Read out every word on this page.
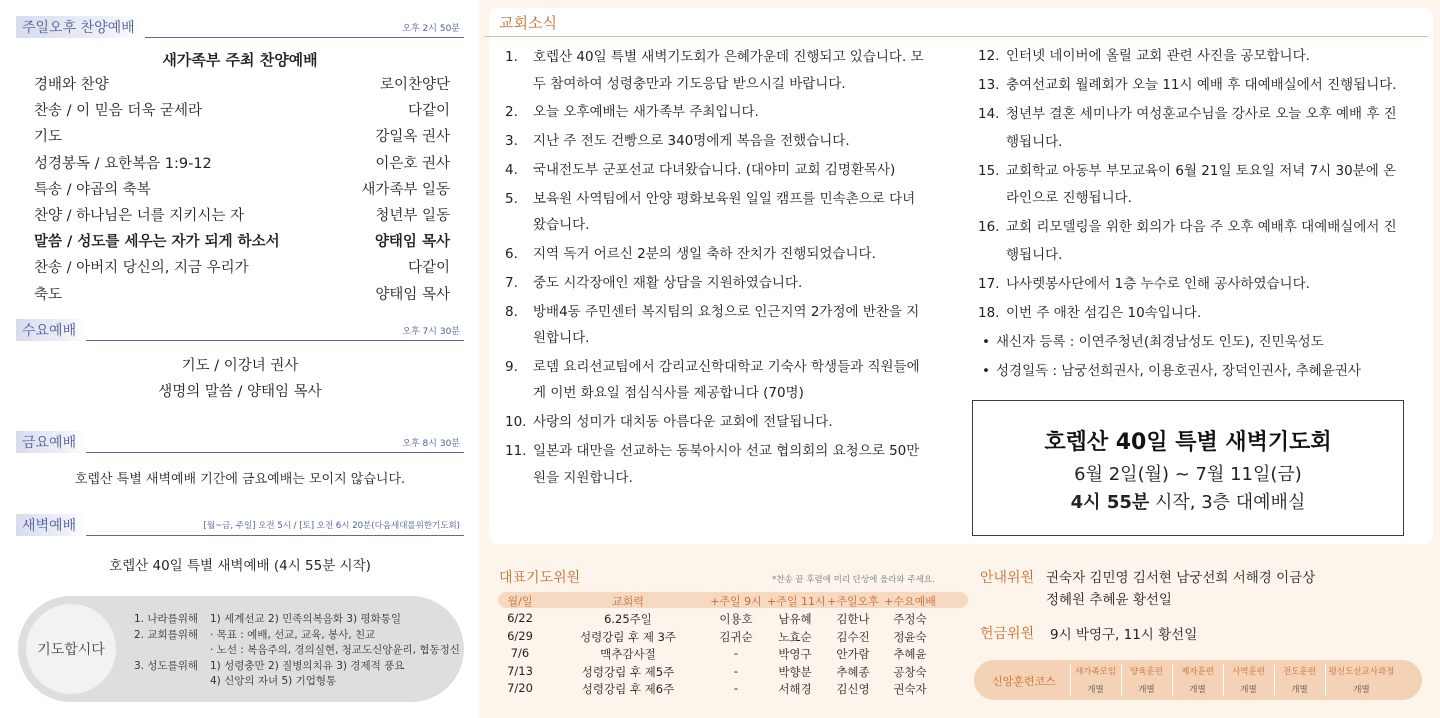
주일오후 찬양예배	오후 2시 50분
새가족부 주최 찬양예배
경배와 찬양	로이찬양단
찬송 / 이 믿음 더욱 굳세라	다같이
기도	강일옥 권사
성경봉독 / 요한복음 1:9-12	이은호 권사
특송 / 야곱의 축복	새가족부 일동
찬양 / 하나님은 너를 지키시는 자	청년부 일동
말씀 / 성도를 세우는 자가 되게 하소서	양태임 목사
찬송 / 아버지 당신의, 지금 우리가	다같이
축도	양태임 목사
수요예배	오후 7시 30분
기도 / 이강녀 권사
생명의 말씀 / 양태임 목사
금요예배	오후 8시 30분
호렙산 특별 새벽예배 기간에 금요예배는 모이지 않습니다.
새벽예배	[월~금, 주일] 오전 5시 / [토] 오전 6시 20분(다음세대를위한기도회)
호렙산 40일 특별 새벽예배 (4시 55분 시작)
기도합시다
1. 나라를위해 1) 세계선교 2) 민족의복음화 3) 평화통일
2. 교회를위해 · 목표 : 예배, 선교, 교육, 봉사, 친교
· 노선 : 복음주의, 경의실현, 청교도신앙윤리, 협동정신
3. 성도를위해 1) 성령충만 2) 질병의치유 3) 경제적 풍요
4) 신앙의 자녀 5) 기업형통
교회소식
1. 호렙산 40일 특별 새벽기도회가 은혜가운데 진행되고 있습니다. 모
두 참여하여 성령충만과 기도응답 받으시길 바랍니다.
2. 오늘 오후예배는 새가족부 주최입니다.
3. 지난 주 전도 건빵으로 340명에게 복음을 전했습니다.
4. 국내전도부 군포선교 다녀왔습니다. (대야미 교회 김명환목사)
5. 보육원 사역팀에서 안양 평화보육원 일일 캠프를 민속촌으로 다녀
왔습니다.
6. 지역 독거 어르신 2분의 생일 축하 잔치가 진행되었습니다.
7. 중도 시각장애인 재활 상담을 지원하였습니다.
8. 방배4동 주민센터 복지팀의 요청으로 인근지역 2가정에 반찬을 지
원합니다.
9. 로뎀 요리선교팀에서 감리교신학대학교 기숙사 학생들과 직원들에
게 이번 화요일 점심식사를 제공합니다 (70명)
10. 사랑의 성미가 대치동 아름다운 교회에 전달됩니다.
11. 일본과 대만을 선교하는 동북아시아 선교 협의회의 요청으로 50만
원을 지원합니다.
12. 인터넷 네이버에 올릴 교회 관련 사진을 공모합니다.
13. 충여선교회 월례회가 오늘 11시 예배 후 대예배실에서 진행됩니다.
14. 청년부 결혼 세미나가 여성훈교수님을 강사로 오늘 오후 예배 후 진
행됩니다.
15. 교회학교 아동부 부모교육이 6월 21일 토요일 저녁 7시 30분에 온
라인으로 진행됩니다.
16. 교회 리모델링을 위한 회의가 다음 주 오후 예배후 대예배실에서 진
행됩니다.
17. 나사렛봉사단에서 1층 누수로 인해 공사하였습니다.
18. 이번 주 애찬 섬김은 10속입니다.
• 새신자 등록 : 이연주청년(최경남성도 인도), 진민욱성도
• 성경일독 : 남궁선희권사, 이용호권사, 장덕인권사, 추혜윤권사
호렙산 40일 특별 새벽기도회
6월 2일(월) ~ 7월 11일(금)
4시 55분 시작, 3층 대예배실
대표기도위원	*찬송 끝 후렴에 미리 단상에 올라와 주세요.
월/일	교회력	+주일 9시 +주일 11시 +주일오후 +수요예배
6/22	6.25주일	이용호	남유혜	김한나	주정숙
6/29	성령강림 후 제 3주	김귀순	노효순	김수진	정윤숙
7/6	맥추감사절	-	박영구	안가람	추혜윤
7/13	성령강림 후 제5주	-	박향분	추혜종	공창숙
7/20	성령강림 후 제6주	-	서해경	김신영	권숙자
안내위원 권숙자 김민영 김서현 남궁선희 서해경 이금상
정혜원 추혜윤 황선일
헌금위원 9시 박영구, 11시 황선일
신앙훈련코스
새가족모임
개별
양육훈련
개별
제자훈련
개별
사역훈련
개별
전도훈련
개별
평신도선교사과정
개별
